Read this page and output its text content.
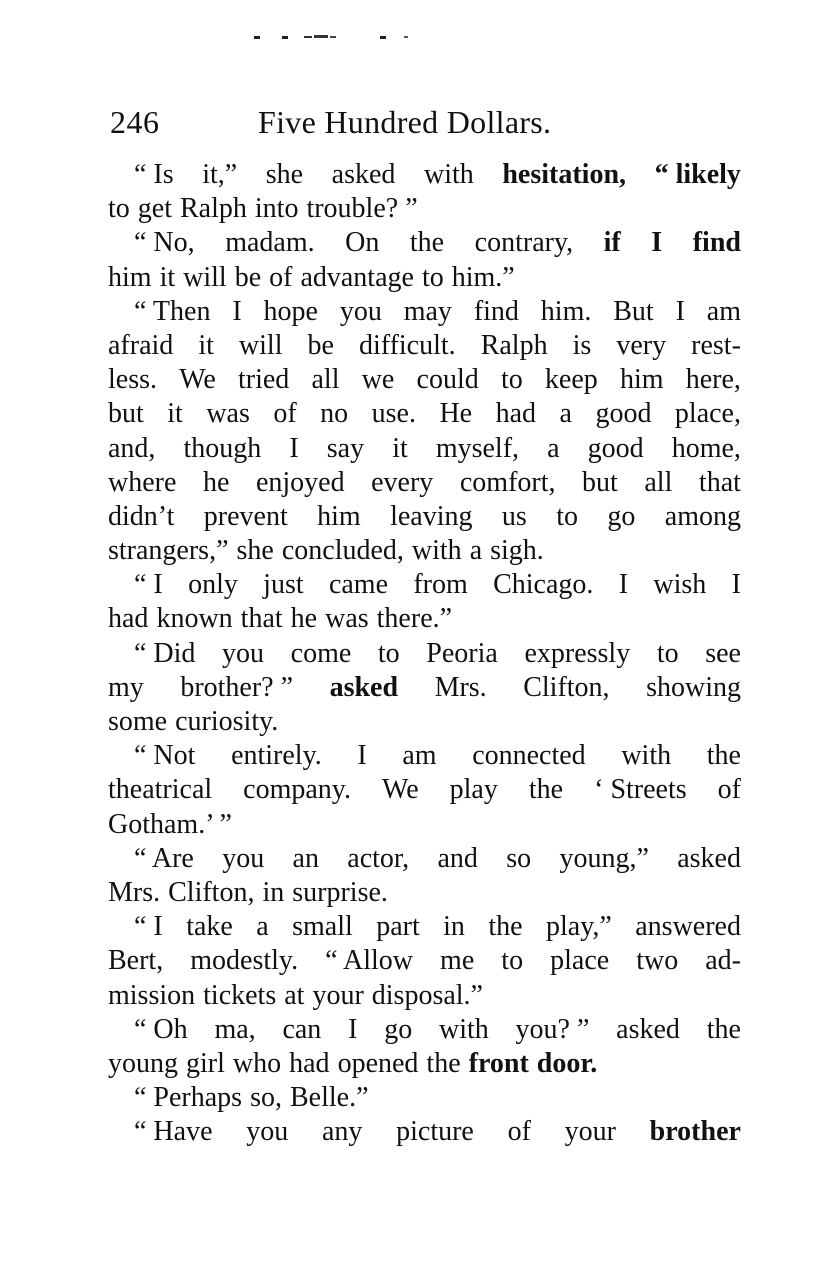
246	Five Hundred Dollars.
“ Is it,” she asked with hesitation, “ likely
to get Ralph into trouble? ”
“ No, madam. On the contrary, if I find
him it will be of advantage to him.”
“ Then I hope you may find him. But I am
afraid it will be difficult. Ralph is very rest-
less. We tried all we could to keep him here,
but it was of no use. He had a good place,
and, though I say it myself, a good home,
where he enjoyed every comfort, but all that
didn’t prevent him leaving us to go among
strangers,” she concluded, with a sigh.
“ I only just came from Chicago. I wish I
had known that he was there.”
“ Did you come to Peoria expressly to see
my brother? ” asked Mrs. Clifton, showing
some curiosity.
“ Not entirely. I am connected with the
theatrical company. We play the ‘ Streets of
Gotham.’ ”
“ Are you an actor, and so young,” asked
Mrs. Clifton, in surprise.
“ I take a small part in the play,” answered
Bert, modestly. “ Allow me to place two ad-
mission tickets at your disposal.”
“ Oh ma, can I go with you? ” asked the
young girl who had opened the front door.
“ Perhaps so, Belle.”
“ Have you any picture of your brother
